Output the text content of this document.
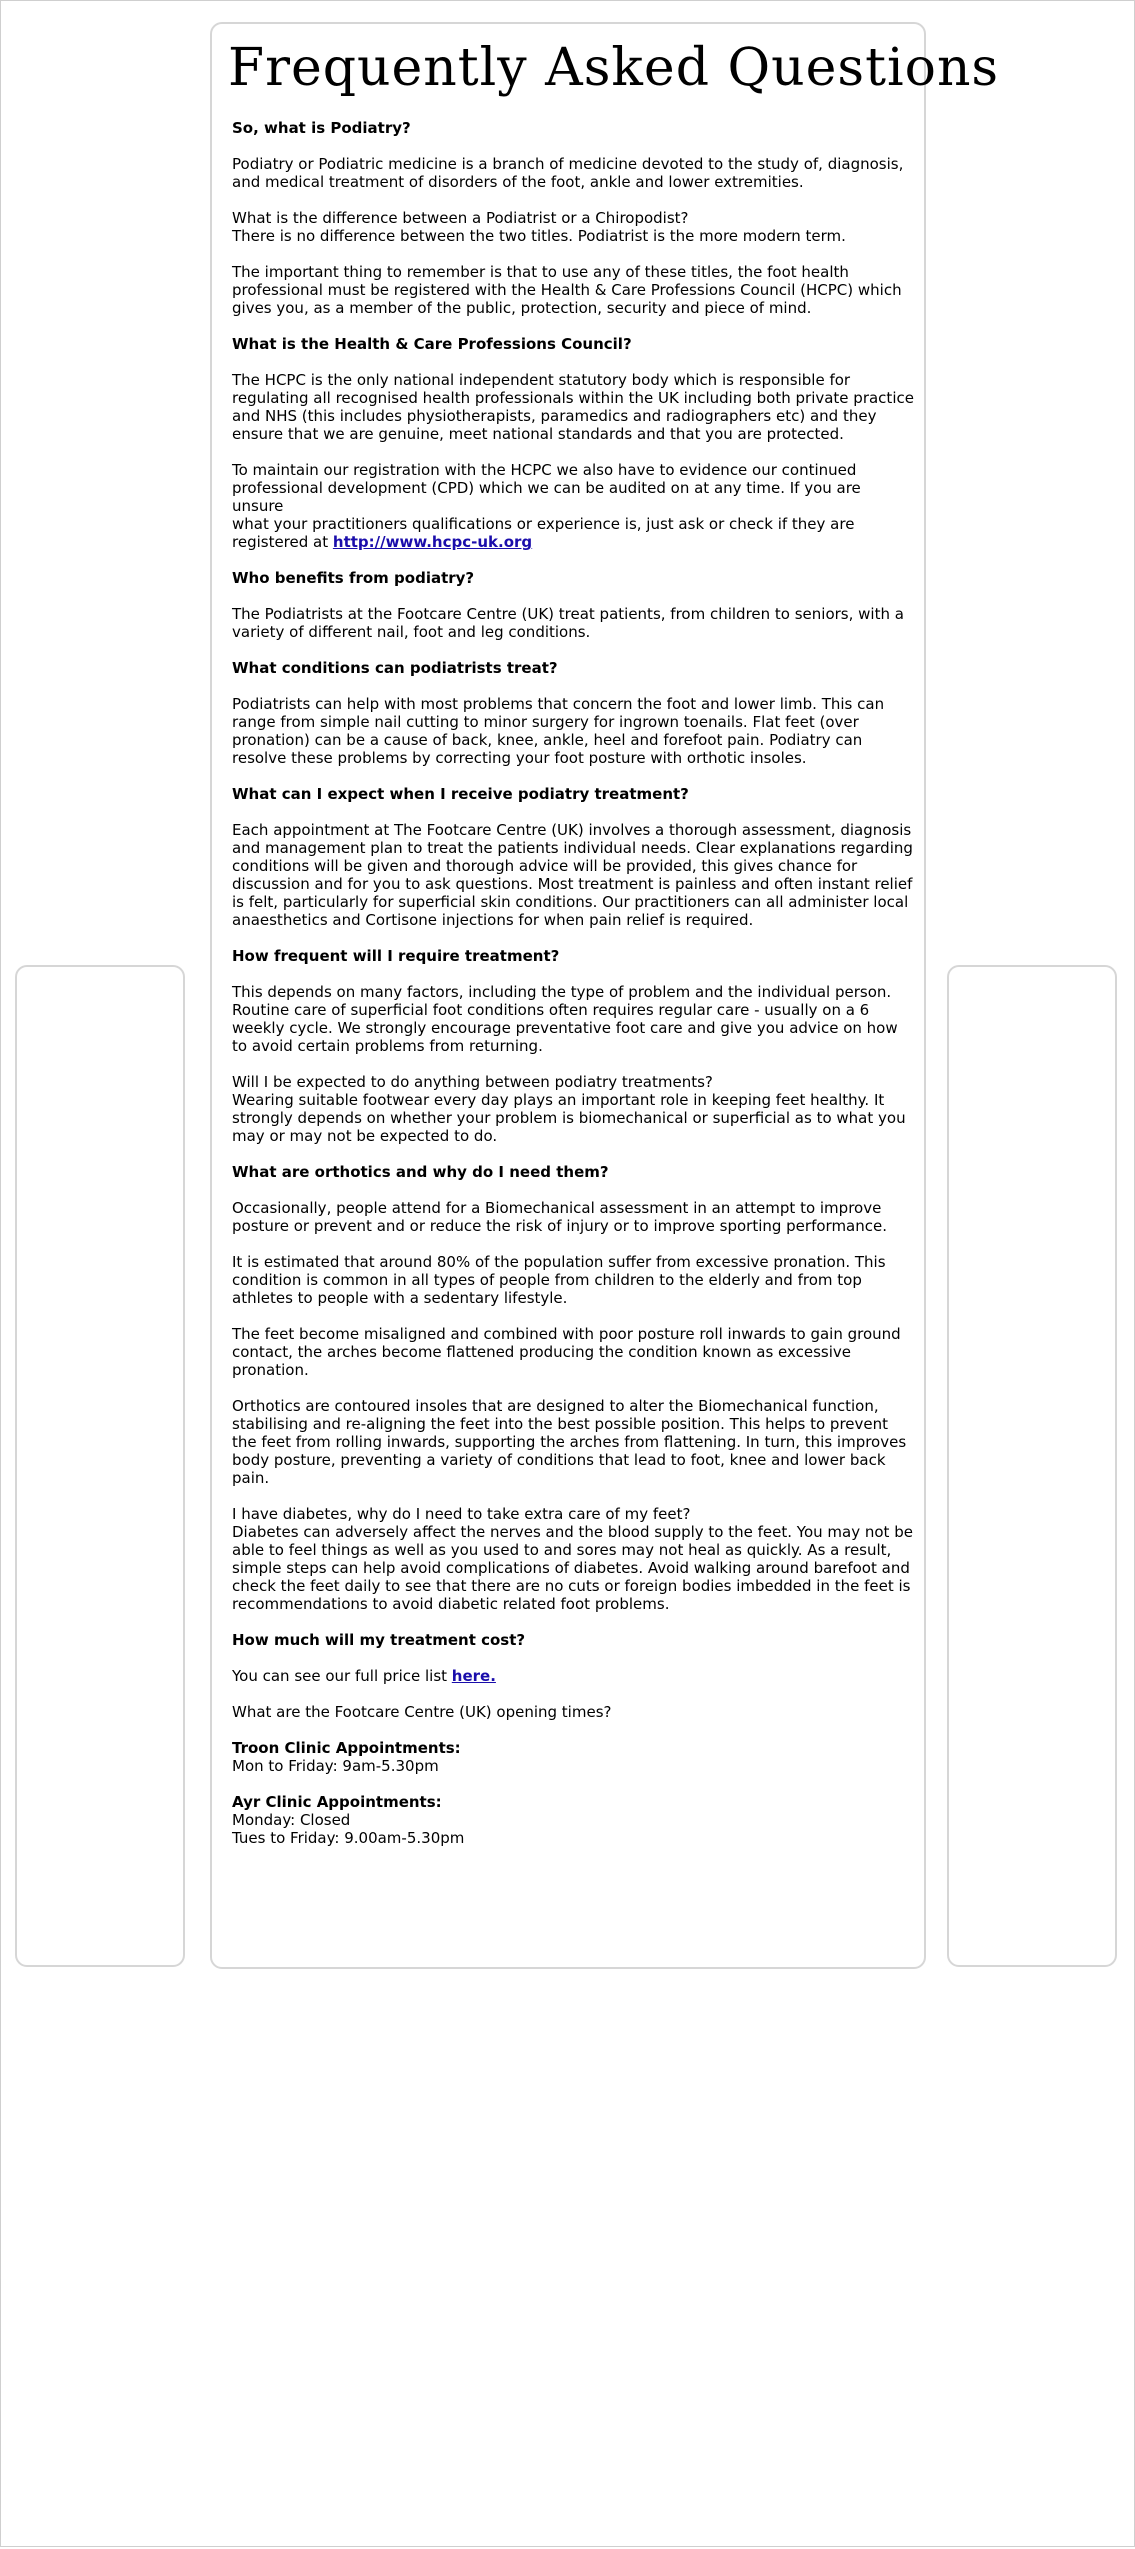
Frequently Asked Questions

So, what is Podiatry?

Podiatry or Podiatric medicine is a branch of medicine devoted to the study of, diagnosis, and medical treatment of disorders of the foot, ankle and lower extremities.

What is the difference between a Podiatrist or a Chiropodist?
There is no difference between the two titles. Podiatrist is the more modern term.

The important thing to remember is that to use any of these titles, the foot health professional must be registered with the Health & Care Professions Council (HCPC) which gives you, as a member of the public, protection, security and piece of mind.

What is the Health & Care Professions Council?

The HCPC is the only national independent statutory body which is responsible for regulating all recognised health professionals within the UK including both private practice and NHS (this includes physiotherapists, paramedics and radiographers etc) and they ensure that we are genuine, meet national standards and that you are protected.

To maintain our registration with the HCPC we also have to evidence our continued professional development (CPD) which we can be audited on at any time. If you are unsure
what your practitioners qualifications or experience is, just ask or check if they are registered at http://www.hcpc-uk.org

Who benefits from podiatry?

The Podiatrists at the Footcare Centre (UK) treat patients, from children to seniors, with a variety of different nail, foot and leg conditions.

What conditions can podiatrists treat?

Podiatrists can help with most problems that concern the foot and lower limb. This can range from simple nail cutting to minor surgery for ingrown toenails. Flat feet (over pronation) can be a cause of back, knee, ankle, heel and forefoot pain. Podiatry can resolve these problems by correcting your foot posture with orthotic insoles.

What can I expect when I receive podiatry treatment?

Each appointment at The Footcare Centre (UK) involves a thorough assessment, diagnosis and management plan to treat the patients individual needs. Clear explanations regarding conditions will be given and thorough advice will be provided, this gives chance for discussion and for you to ask questions. Most treatment is painless and often instant relief is felt, particularly for superficial skin conditions. Our practitioners can all administer local anaesthetics and Cortisone injections for when pain relief is required.

How frequent will I require treatment?

This depends on many factors, including the type of problem and the individual person. Routine care of superficial foot conditions often requires regular care - usually on a 6 weekly cycle. We strongly encourage preventative foot care and give you advice on how to avoid certain problems from returning.

Will I be expected to do anything between podiatry treatments?
Wearing suitable footwear every day plays an important role in keeping feet healthy. It strongly depends on whether your problem is biomechanical or superficial as to what you may or may not be expected to do.

What are orthotics and why do I need them?

Occasionally, people attend for a Biomechanical assessment in an attempt to improve posture or prevent and or reduce the risk of injury or to improve sporting performance.

It is estimated that around 80% of the population suffer from excessive pronation. This condition is common in all types of people from children to the elderly and from top athletes to people with a sedentary lifestyle.

The feet become misaligned and combined with poor posture roll inwards to gain ground contact, the arches become flattened producing the condition known as excessive pronation.

Orthotics are contoured insoles that are designed to alter the Biomechanical function, stabilising and re-aligning the feet into the best possible position. This helps to prevent the feet from rolling inwards, supporting the arches from flattening. In turn, this improves body posture, preventing a variety of conditions that lead to foot, knee and lower back pain.

I have diabetes, why do I need to take extra care of my feet?
Diabetes can adversely affect the nerves and the blood supply to the feet. You may not be able to feel things as well as you used to and sores may not heal as quickly. As a result, simple steps can help avoid complications of diabetes. Avoid walking around barefoot and check the feet daily to see that there are no cuts or foreign bodies imbedded in the feet is recommendations to avoid diabetic related foot problems.

How much will my treatment cost?

You can see our full price list here.

What are the Footcare Centre (UK) opening times?

Troon Clinic Appointments:
Mon to Friday: 9am-5.30pm

Ayr Clinic Appointments:
Monday: Closed
Tues to Friday: 9.00am-5.30pm
